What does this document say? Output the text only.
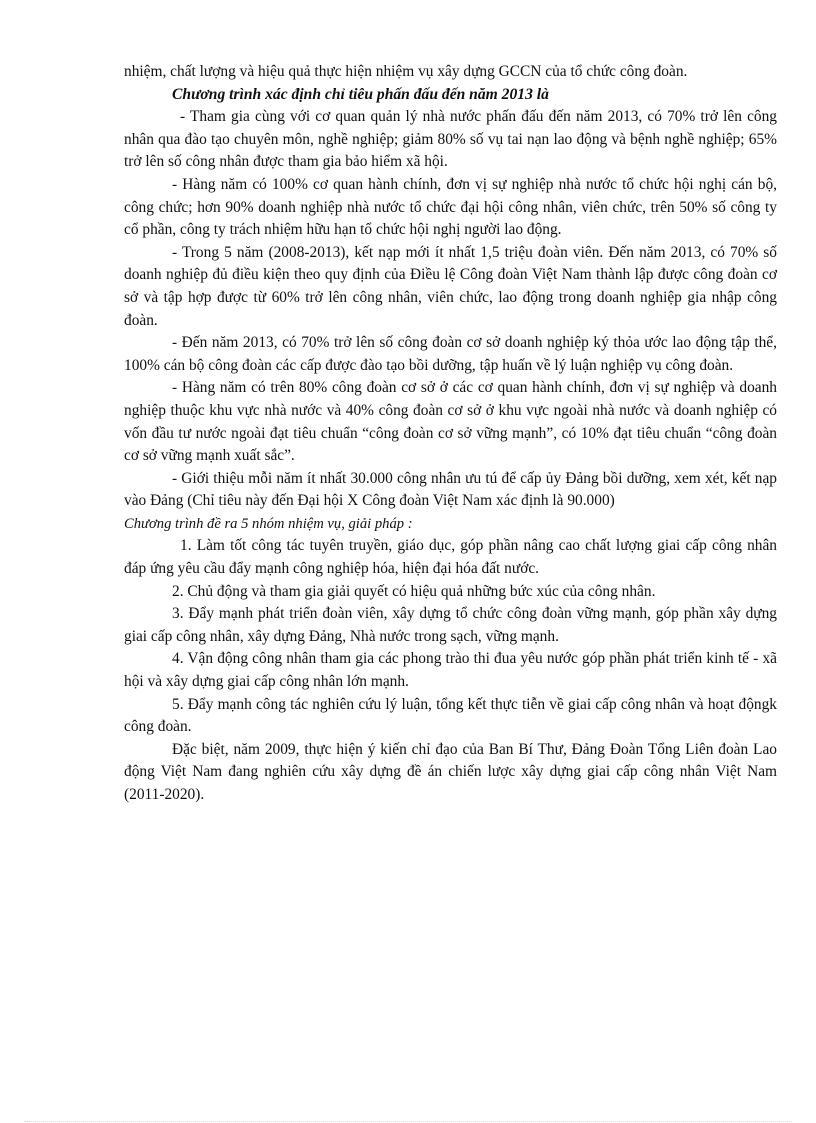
nhiệm, chất lượng và hiệu quả thực hiện nhiệm vụ xây dựng GCCN của tổ chức công đoàn.

Chương trình xác định chỉ tiêu phấn đấu đến năm 2013 là

- Tham gia cùng với cơ quan quản lý nhà nước phấn đấu đến năm 2013, có 70% trở lên công nhân qua đào tạo chuyên môn, nghề nghiệp; giảm 80% số vụ tai nạn lao động và bệnh nghề nghiệp; 65% trở lên số công nhân được tham gia bảo hiểm xã hội.

- Hàng năm có 100% cơ quan hành chính, đơn vị sự nghiệp nhà nước tổ chức hội nghị cán bộ, công chức; hơn 90% doanh nghiệp nhà nước tổ chức đại hội công nhân, viên chức, trên 50% số công ty cổ phần, công ty trách nhiệm hữu hạn tổ chức hội nghị người lao động.

- Trong 5 năm (2008-2013), kết nạp mới ít nhất 1,5 triệu đoàn viên. Đến năm 2013, có 70% số doanh nghiệp đủ điều kiện theo quy định của Điều lệ Công đoàn Việt Nam thành lập được công đoàn cơ sở và tập hợp được từ 60% trở lên công nhân, viên chức, lao động trong doanh nghiệp gia nhập công đoàn.

- Đến năm 2013, có 70% trở lên số công đoàn cơ sở doanh nghiệp ký thỏa ước lao động tập thể, 100% cán bộ công đoàn các cấp được đào tạo bồi dưỡng, tập huấn về lý luận nghiệp vụ công đoàn.

- Hàng năm có trên 80% công đoàn cơ sở ở các cơ quan hành chính, đơn vị sự nghiệp và doanh nghiệp thuộc khu vực nhà nước và 40% công đoàn cơ sở ở khu vực ngoài nhà nước và doanh nghiệp có vốn đầu tư nước ngoài đạt tiêu chuẩn “công đoàn cơ sở vững mạnh”, có 10% đạt tiêu chuẩn “công đoàn cơ sở vững mạnh xuất sắc”.

- Giới thiệu mỗi năm ít nhất 30.000 công nhân ưu tú để cấp ủy Đảng bồi dưỡng, xem xét, kết nạp vào Đảng (Chỉ tiêu này đến Đại hội X Công đoàn Việt Nam xác định là 90.000)

Chương trình đề ra 5 nhóm nhiệm vụ, giải pháp :

1. Làm tốt công tác tuyên truyền, giáo dục, góp phần nâng cao chất lượng giai cấp công nhân đáp ứng yêu cầu đẩy mạnh công nghiệp hóa, hiện đại hóa đất nước.

2. Chủ động và tham gia giải quyết có hiệu quả những bức xúc của công nhân.

3. Đẩy mạnh phát triển đoàn viên, xây dựng tổ chức công đoàn vững mạnh, góp phần xây dựng giai cấp công nhân, xây dựng Đảng, Nhà nước trong sạch, vững mạnh.

4. Vận động công nhân tham gia các phong trào thi đua yêu nước góp phần phát triển kinh tế - xã hội và xây dựng giai cấp công nhân lớn mạnh.

5. Đẩy mạnh công tác nghiên cứu lý luận, tổng kết thực tiễn về giai cấp công nhân và hoạt độngk công đoàn.

Đặc biệt, năm 2009, thực hiện ý kiến chỉ đạo của Ban Bí Thư, Đảng Đoàn Tổng Liên đoàn Lao động Việt Nam đang nghiên cứu xây dựng đề án chiến lược xây dựng giai cấp công nhân Việt Nam (2011-2020).
